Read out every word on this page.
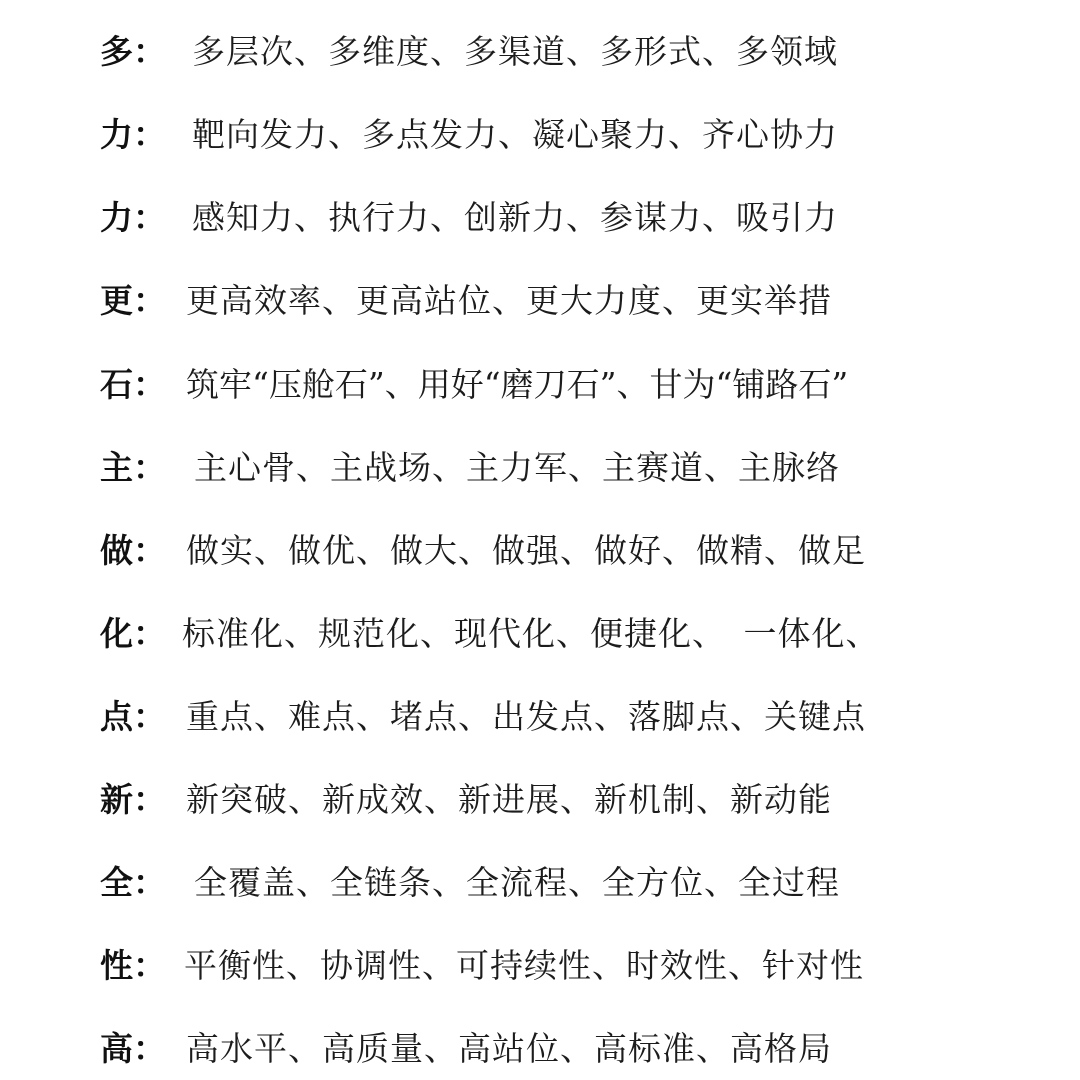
多： 多层次、多维度、多渠道、多形式、多领域
力： 靶向发力、多点发力、凝心聚力、齐心协力
力： 感知力、执行力、创新力、参谋力、吸引力
更： 更高效率、更高站位、更大力度、更实举措
石： 筑牢“压舱石”、用好“磨刀石”、甘为“铺路石”
主： 主心骨、主战场、主力军、主赛道、主脉络
做： 做实、做优、做大、做强、做好、做精、做足
化： 标准化、规范化、现代化、便捷化、　一体化、
点： 重点、难点、堵点、出发点、落脚点、关键点
新： 新突破、新成效、新进展、新机制、新动能
全： 全覆盖、全链条、全流程、全方位、全过程
性： 平衡性、协调性、可持续性、时效性、针对性
高： 高水平、高质量、高站位、高标准、高格局
